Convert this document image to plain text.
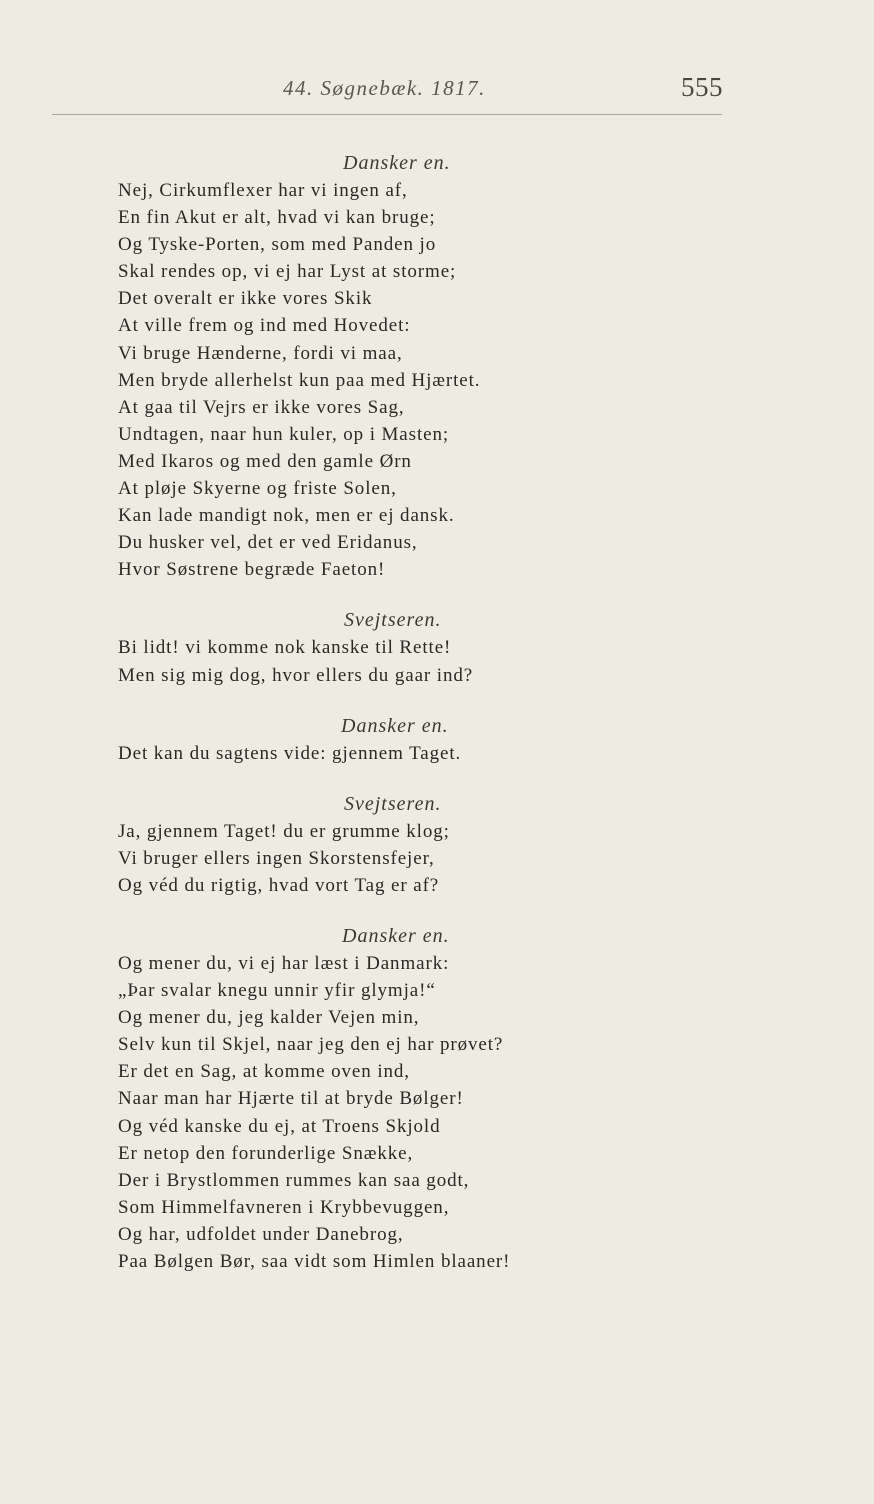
44. Søgnebæk. 1817.	555
Dansker en.
Nej, Cirkumflexer har vi ingen af,
En fin Akut er alt, hvad vi kan bruge;
Og Tyske-Porten, som med Panden jo
Skal rendes op, vi ej har Lyst at storme;
Det overalt er ikke vores Skik
At ville frem og ind med Hovedet:
Vi bruge Hænderne, fordi vi maa,
Men bryde allerhelst kun paa med Hjærtet.
At gaa til Vejrs er ikke vores Sag,
Undtagen, naar hun kuler, op i Masten;
Med Ikaros og med den gamle Ørn
At pløje Skyerne og friste Solen,
Kan lade mandigt nok, men er ej dansk.
Du husker vel, det er ved Eridanus,
Hvor Søstrene begræde Faeton!
Svejtseren.
Bi lidt! vi komme nok kanske til Rette!
Men sig mig dog, hvor ellers du gaar ind?
Dansker en.
Det kan du sagtens vide: gjennem Taget.
Svejtseren.
Ja, gjennem Taget! du er grumme klog;
Vi bruger ellers ingen Skorstensfejer,
Og véd du rigtig, hvad vort Tag er af?
Dansker en.
Og mener du, vi ej har læst i Danmark:
„Þar svalar knegu unnir yfir glymja!“
Og mener du, jeg kalder Vejen min,
Selv kun til Skjel, naar jeg den ej har prøvet?
Er det en Sag, at komme oven ind,
Naar man har Hjærte til at bryde Bølger!
Og véd kanske du ej, at Troens Skjold
Er netop den forunderlige Snække,
Der i Brystlommen rummes kan saa godt,
Som Himmelfavneren i Krybbevuggen,
Og har, udfoldet under Danebrog,
Paa Bølgen Bør, saa vidt som Himlen blaaner!
